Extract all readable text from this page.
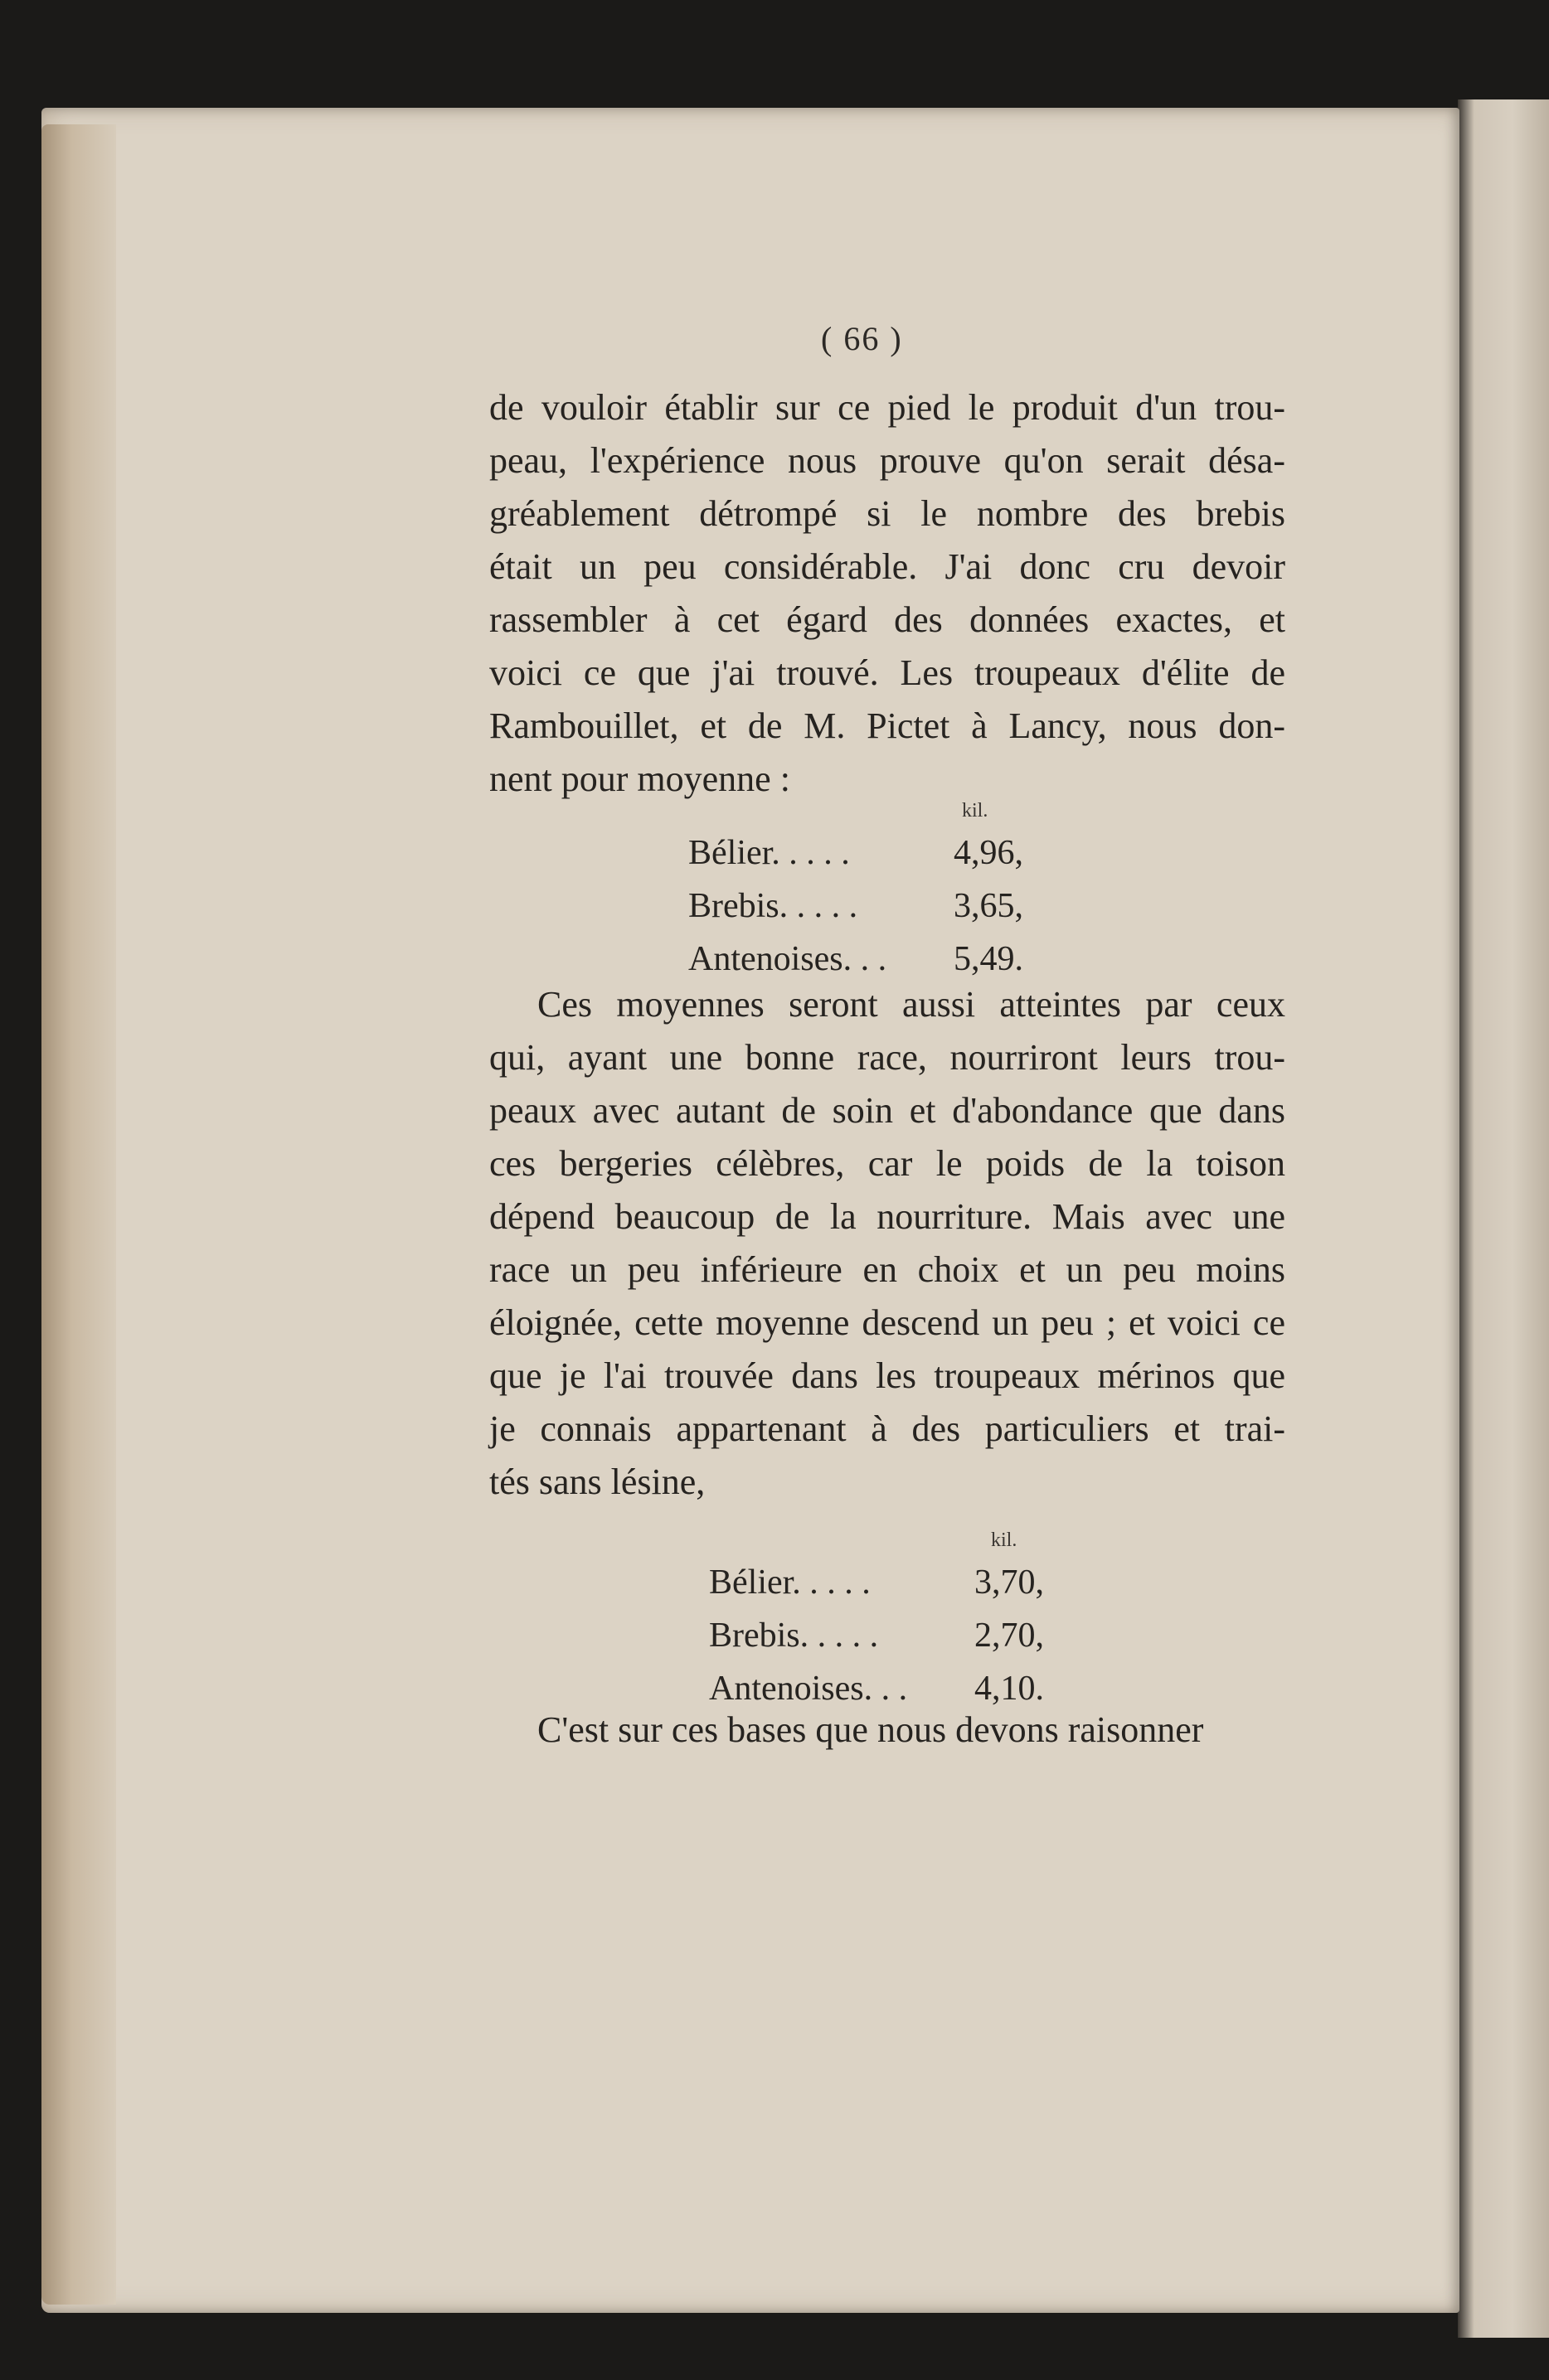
( 66 )
de vouloir établir sur ce pied le produit d'un trou-
peau, l'expérience nous prouve qu'on serait désa-
gréablement détrompé si le nombre des brebis
était un peu considérable. J'ai donc cru devoir
rassembler à cet égard des données exactes, et
voici ce que j'ai trouvé. Les troupeaux d'élite de
Rambouillet, et de M. Pictet à Lancy, nous don-
nent pour moyenne :
kil.
Bélier. . . . .	4,96,
Brebis. . . . .	3,65,
Antenoises. . . 5,49.
Ces moyennes seront aussi atteintes par ceux
qui, ayant une bonne race, nourriront leurs trou-
peaux avec autant de soin et d'abondance que dans
ces bergeries célèbres, car le poids de la toison
dépend beaucoup de la nourriture. Mais avec une
race un peu inférieure en choix et un peu moins
éloignée, cette moyenne descend un peu ; et voici ce
que je l'ai trouvée dans les troupeaux mérinos que
je connais appartenant à des particuliers et trai-
tés sans lésine,
kil.
Bélier. . . . .	3,70,
Brebis. . . . .	2,70,
Antenoises. . . 4,10.
C'est sur ces bases que nous devons raisonner
